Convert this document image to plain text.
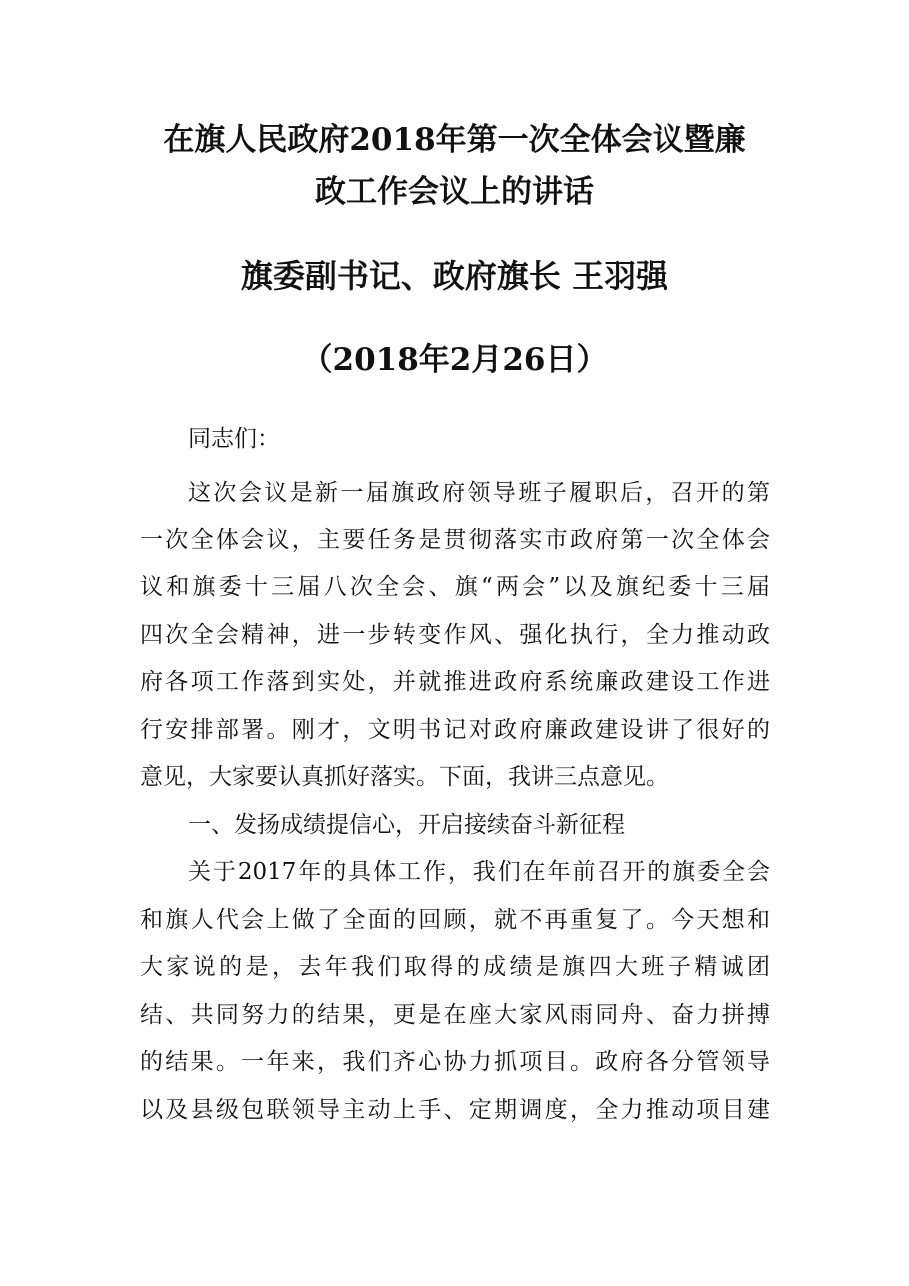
在旗人民政府2018年第一次全体会议暨廉
政工作会议上的讲话
旗委副书记、政府旗长 王羽强
（2018年2月26日）

同志们：

这次会议是新一届旗政府领导班子履职后，召开的第

一次全体会议，主要任务是贯彻落实市政府第一次全体会

议和旗委十三届八次全会、旗“两会”以及旗纪委十三届

四次全会精神，进一步转变作风、强化执行，全力推动政

府各项工作落到实处，并就推进政府系统廉政建设工作进

行安排部署。刚才，文明书记对政府廉政建设讲了很好的

意见，大家要认真抓好落实。下面，我讲三点意见。

一、发扬成绩提信心，开启接续奋斗新征程

关于2017年的具体工作，我们在年前召开的旗委全会

和旗人代会上做了全面的回顾，就不再重复了。今天想和

大家说的是，去年我们取得的成绩是旗四大班子精诚团

结、共同努力的结果，更是在座大家风雨同舟、奋力拼搏

的结果。一年来，我们齐心协力抓项目。政府各分管领导

以及县级包联领导主动上手、定期调度，全力推动项目建
